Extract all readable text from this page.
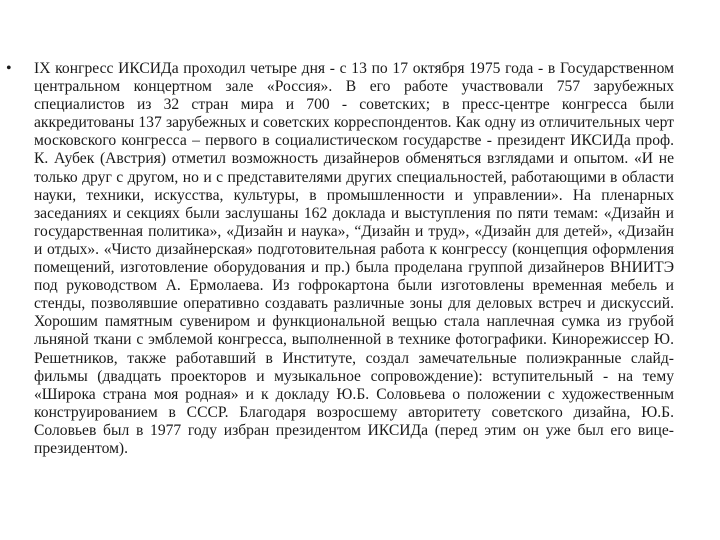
• IX конгресс ИКСИДа проходил четыре дня - с 13 по 17 октября 1975 года - в Государственном центральном концертном зале «Россия». В его работе участвовали 757 зарубежных специалистов из 32 стран мира и 700 - советских; в пресс-центре конгресса были аккредитованы 137 зарубежных и советских корреспондентов. Как одну из отличительных черт московского конгресса – первого в социалистическом государстве - президент ИКСИДа проф. К. Аубек (Австрия) отметил возможность дизайнеров обменяться взглядами и опытом. «И не только друг с другом, но и с представителями других специальностей, работающими в области науки, техники, искусства, культуры, в промышленности и управлении». На пленарных заседаниях и секциях были заслушаны 162 доклада и выступления по пяти темам: «Дизайн и государственная политика», «Дизайн и наука», “Дизайн и труд», «Дизайн для детей», «Дизайн и отдых». «Чисто дизайнерская» подготовительная работа к конгрессу (концепция оформления помещений, изготовление оборудования и пр.) была проделана группой дизайнеров ВНИИТЭ под руководством А. Ермолаева. Из гофрокартона были изготовлены временная мебель и стенды, позволявшие оперативно создавать различные зоны для деловых встреч и дискуссий. Хорошим памятным сувениром и функциональной вещью стала наплечная сумка из грубой льняной ткани с эмблемой конгресса, выполненной в технике фотографики. Кинорежиссер Ю. Решетников, также работавший в Институте, создал замечательные полиэкранные слайд-фильмы (двадцать проекторов и музыкальное сопровождение): вступительный - на тему «Широка страна моя родная» и к докладу Ю.Б. Соловьева о положении с художественным конструированием в СССР. Благодаря возросшему авторитету советского дизайна, Ю.Б. Соловьев был в 1977 году избран президентом ИКСИДа (перед этим он уже был его вице-президентом).
